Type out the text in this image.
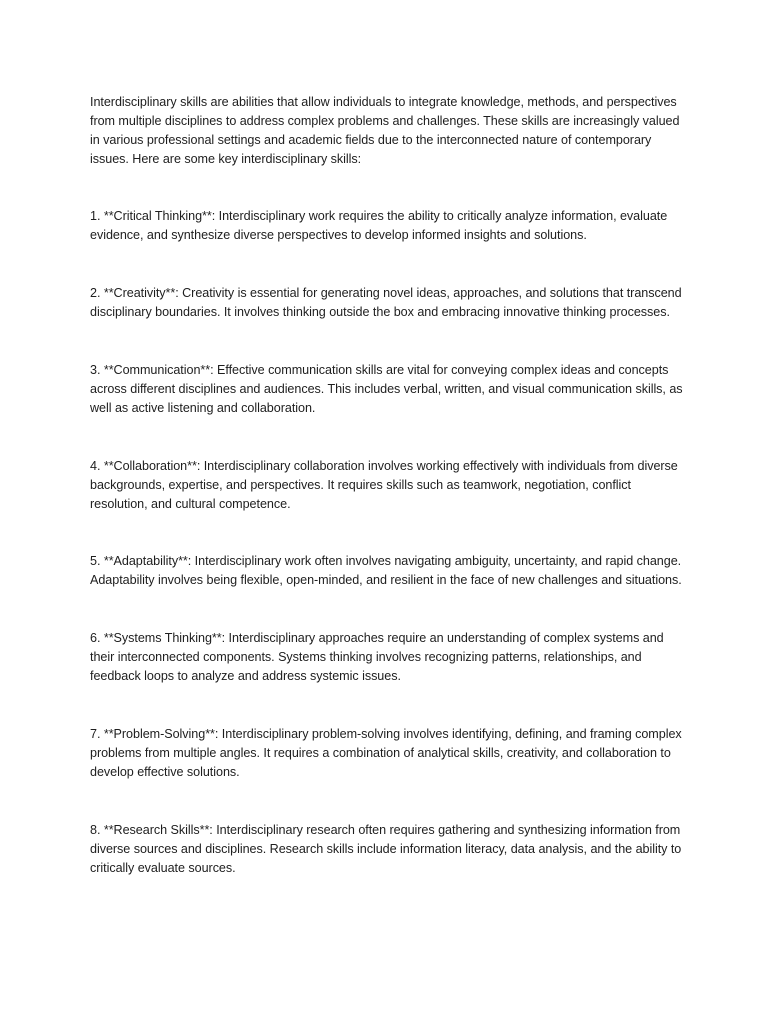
Interdisciplinary skills are abilities that allow individuals to integrate knowledge, methods, and perspectives from multiple disciplines to address complex problems and challenges. These skills are increasingly valued in various professional settings and academic fields due to the interconnected nature of contemporary issues. Here are some key interdisciplinary skills:

1. **Critical Thinking**: Interdisciplinary work requires the ability to critically analyze information, evaluate evidence, and synthesize diverse perspectives to develop informed insights and solutions.
2. **Creativity**: Creativity is essential for generating novel ideas, approaches, and solutions that transcend disciplinary boundaries. It involves thinking outside the box and embracing innovative thinking processes.
3. **Communication**: Effective communication skills are vital for conveying complex ideas and concepts across different disciplines and audiences. This includes verbal, written, and visual communication skills, as well as active listening and collaboration.
4. **Collaboration**: Interdisciplinary collaboration involves working effectively with individuals from diverse backgrounds, expertise, and perspectives. It requires skills such as teamwork, negotiation, conflict resolution, and cultural competence.
5. **Adaptability**: Interdisciplinary work often involves navigating ambiguity, uncertainty, and rapid change. Adaptability involves being flexible, open-minded, and resilient in the face of new challenges and situations.
6. **Systems Thinking**: Interdisciplinary approaches require an understanding of complex systems and their interconnected components. Systems thinking involves recognizing patterns, relationships, and feedback loops to analyze and address systemic issues.
7. **Problem-Solving**: Interdisciplinary problem-solving involves identifying, defining, and framing complex problems from multiple angles. It requires a combination of analytical skills, creativity, and collaboration to develop effective solutions.
8. **Research Skills**: Interdisciplinary research often requires gathering and synthesizing information from diverse sources and disciplines. Research skills include information literacy, data analysis, and the ability to critically evaluate sources.
